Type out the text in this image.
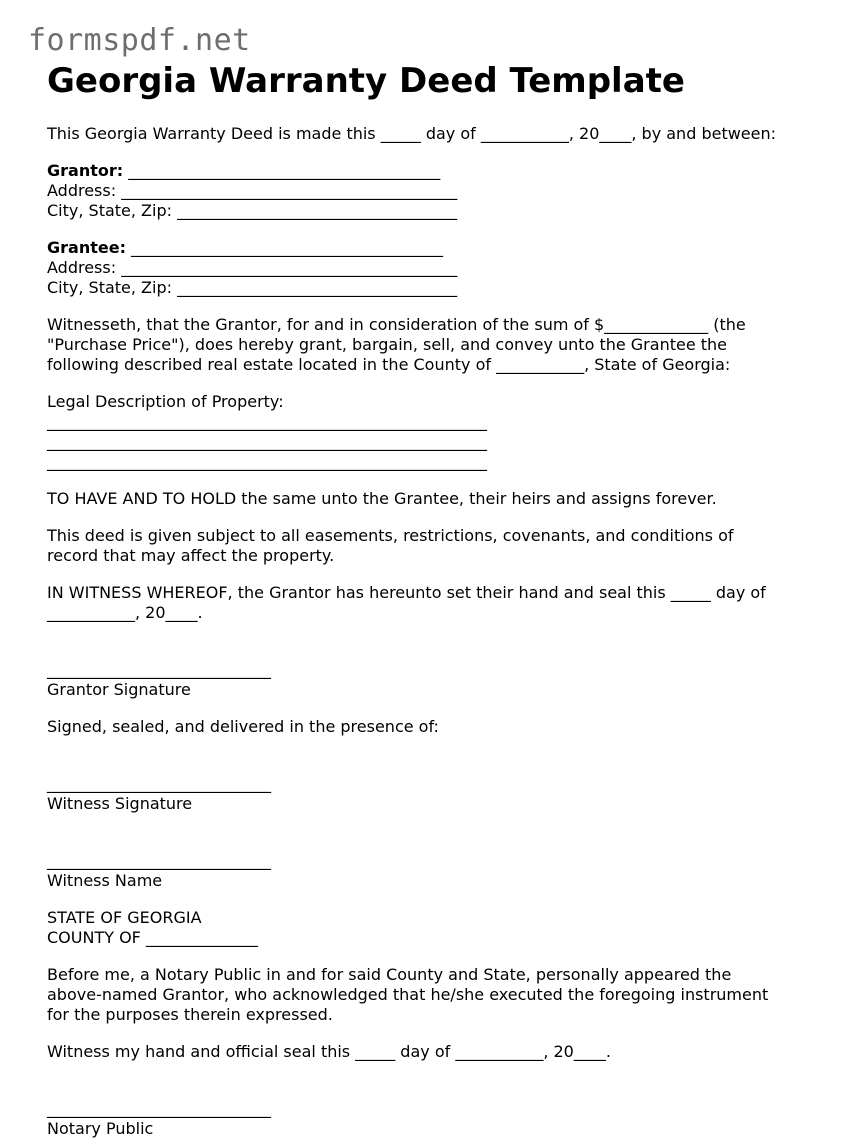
formspdf.net
Georgia Warranty Deed Template

This Georgia Warranty Deed is made this _____ day of ___________, 20____, by and between:

Grantor: _______________________________________

Address: __________________________________________

City, State, Zip: ___________________________________

Grantee: _______________________________________

Address: __________________________________________

City, State, Zip: ___________________________________

Witnesseth, that the Grantor, for and in consideration of the sum of $_____________ (the

"Purchase Price"), does hereby grant, bargain, sell, and convey unto the Grantee the

following described real estate located in the County of ___________, State of Georgia:

Legal Description of Property:

_______________________________________________________

_______________________________________________________

_______________________________________________________

TO HAVE AND TO HOLD the same unto the Grantee, their heirs and assigns forever.

This deed is given subject to all easements, restrictions, covenants, and conditions of

record that may affect the property.

IN WITNESS WHEREOF, the Grantor has hereunto set their hand and seal this _____ day of

___________, 20____.

____________________________

Grantor Signature

Signed, sealed, and delivered in the presence of:

____________________________

Witness Signature

____________________________

Witness Name

STATE OF GEORGIA

COUNTY OF ______________

Before me, a Notary Public in and for said County and State, personally appeared the

above-named Grantor, who acknowledged that he/she executed the foregoing instrument

for the purposes therein expressed.

Witness my hand and official seal this _____ day of ___________, 20____.

____________________________

Notary Public
